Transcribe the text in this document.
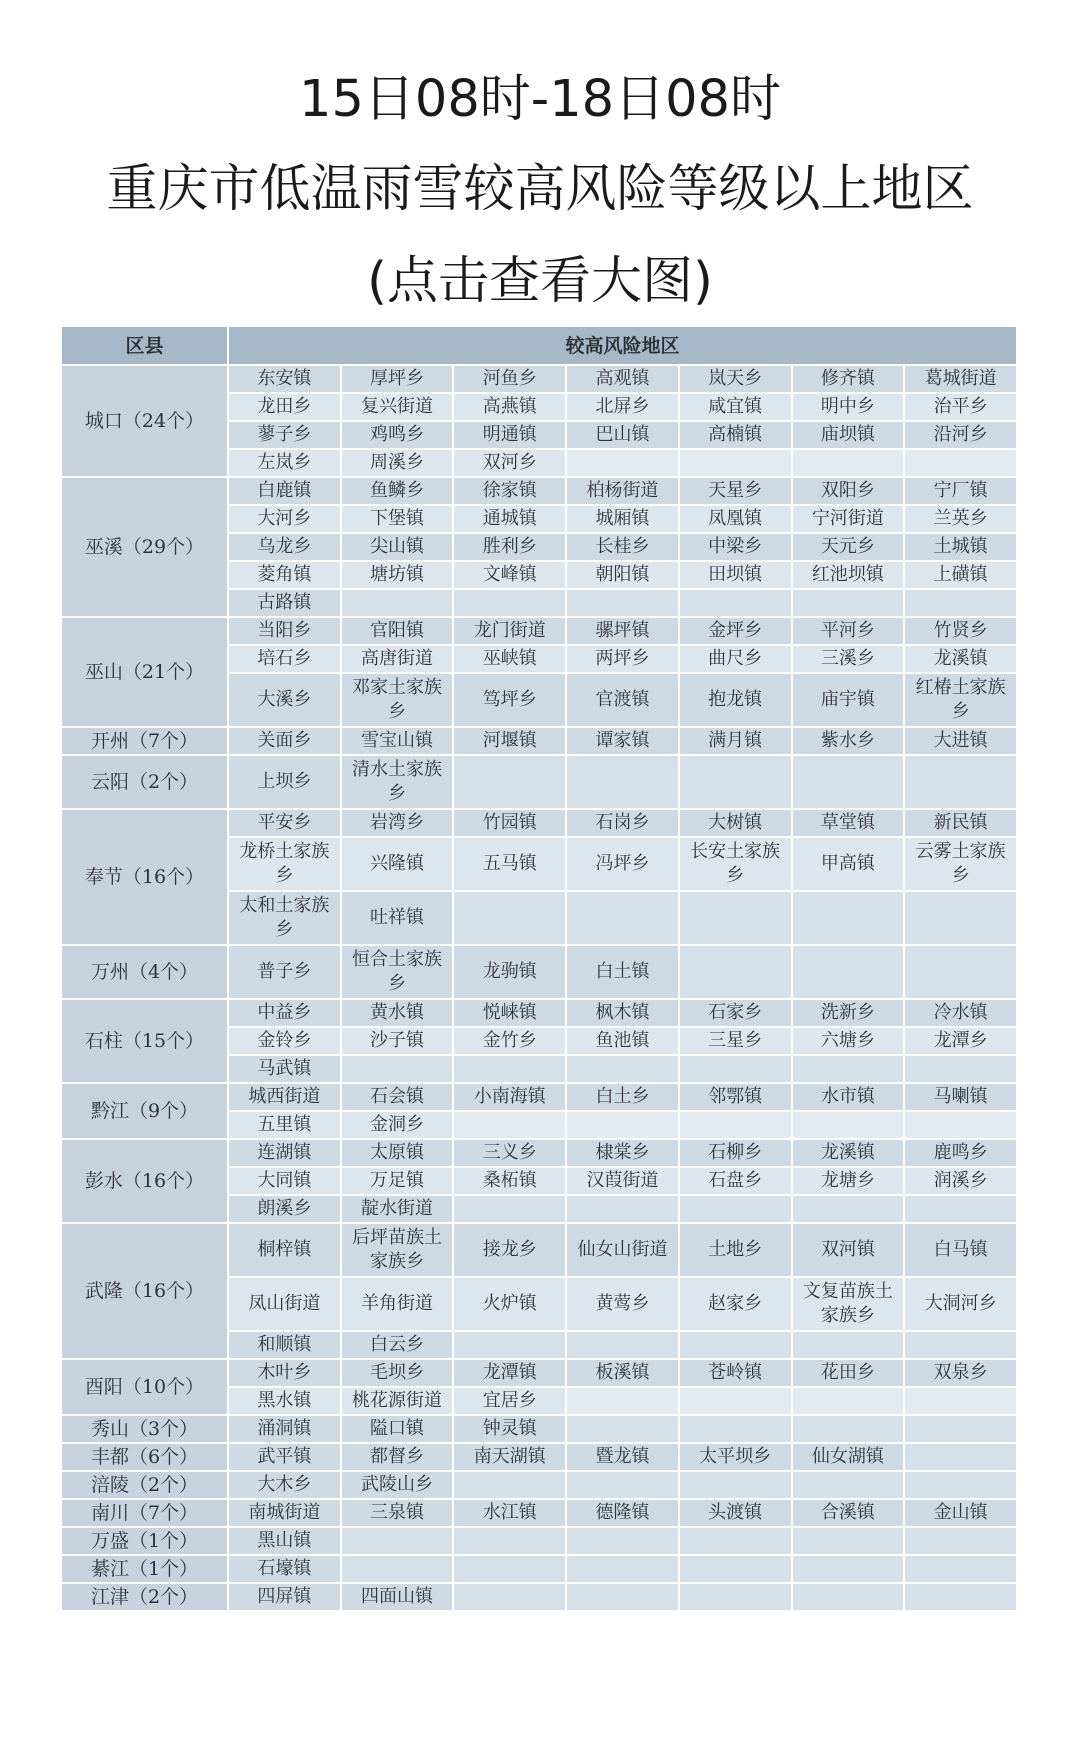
15日08时-18日08时
重庆市低温雨雪较高风险等级以上地区
(点击查看大图)
区县	较高风险地区						
城口（24个）	东安镇	厚坪乡	河鱼乡	高观镇	岚天乡	修齐镇	葛城街道
	龙田乡	复兴街道	高燕镇	北屏乡	咸宜镇	明中乡	治平乡
	蓼子乡	鸡鸣乡	明通镇	巴山镇	高楠镇	庙坝镇	沿河乡
	左岚乡	周溪乡	双河乡				
巫溪（29个）	白鹿镇	鱼鳞乡	徐家镇	柏杨街道	天星乡	双阳乡	宁厂镇
	大河乡	下堡镇	通城镇	城厢镇	凤凰镇	宁河街道	兰英乡
	乌龙乡	尖山镇	胜利乡	长桂乡	中梁乡	天元乡	土城镇
	菱角镇	塘坊镇	文峰镇	朝阳镇	田坝镇	红池坝镇	上磺镇
	古路镇						
巫山（21个）	当阳乡	官阳镇	龙门街道	骡坪镇	金坪乡	平河乡	竹贤乡
	培石乡	高唐街道	巫峡镇	两坪乡	曲尺乡	三溪乡	龙溪镇
	大溪乡	邓家土家族乡	笃坪乡	官渡镇	抱龙镇	庙宇镇	红椿土家族乡
开州（7个）	关面乡	雪宝山镇	河堰镇	谭家镇	满月镇	紫水乡	大进镇
云阳（2个）	上坝乡	清水土家族乡					
奉节（16个）	平安乡	岩湾乡	竹园镇	石岗乡	大树镇	草堂镇	新民镇
	龙桥土家族乡	兴隆镇	五马镇	冯坪乡	长安土家族乡	甲高镇	云雾土家族乡
	太和土家族乡	吐祥镇					
万州（4个）	普子乡	恒合土家族乡	龙驹镇	白土镇			
石柱（15个）	中益乡	黄水镇	悦崃镇	枫木镇	石家乡	洗新乡	冷水镇
	金铃乡	沙子镇	金竹乡	鱼池镇	三星乡	六塘乡	龙潭乡
	马武镇						
黔江（9个）	城西街道	石会镇	小南海镇	白土乡	邻鄂镇	水市镇	马喇镇
	五里镇	金洞乡					
彭水（16个）	连湖镇	太原镇	三义乡	棣棠乡	石柳乡	龙溪镇	鹿鸣乡
	大同镇	万足镇	桑柘镇	汉葭街道	石盘乡	龙塘乡	润溪乡
	朗溪乡	靛水街道					
武隆（16个）	桐梓镇	后坪苗族土家族乡	接龙乡	仙女山街道	土地乡	双河镇	白马镇
	凤山街道	羊角街道	火炉镇	黄莺乡	赵家乡	文复苗族土家族乡	大洞河乡
	和顺镇	白云乡					
酉阳（10个）	木叶乡	毛坝乡	龙潭镇	板溪镇	苍岭镇	花田乡	双泉乡
	黑水镇	桃花源街道	宜居乡				
秀山（3个）	涌洞镇	隘口镇	钟灵镇				
丰都（6个）	武平镇	都督乡	南天湖镇	暨龙镇	太平坝乡	仙女湖镇	
涪陵（2个）	大木乡	武陵山乡					
南川（7个）	南城街道	三泉镇	水江镇	德隆镇	头渡镇	合溪镇	金山镇
万盛（1个）	黑山镇						
綦江（1个）	石壕镇						
江津（2个）	四屏镇	四面山镇					
